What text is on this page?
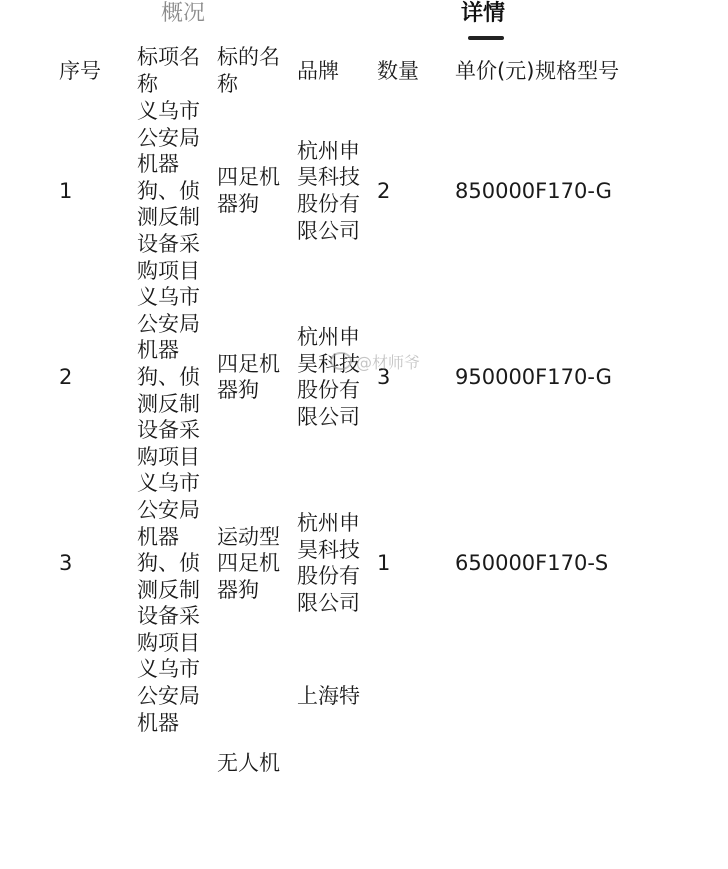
概况	详情

序号	标项名称	标的名称	品牌	数量	单价(元)	规格型号
1	义乌市公安局机器狗、侦测反制设备采购项目	四足机器狗	杭州申昊科技股份有限公司	2	850000	F170-G
2	义乌市公安局机器狗、侦测反制设备采购项目	四足机器狗	杭州申昊科技股份有限公司	3	950000	F170-G
3	义乌市公安局机器狗、侦测反制设备采购项目	运动型四足机器狗	杭州申昊科技股份有限公司	1	650000	F170-S
	义乌市公安局机器	无人机	上海特			
@材师爷
